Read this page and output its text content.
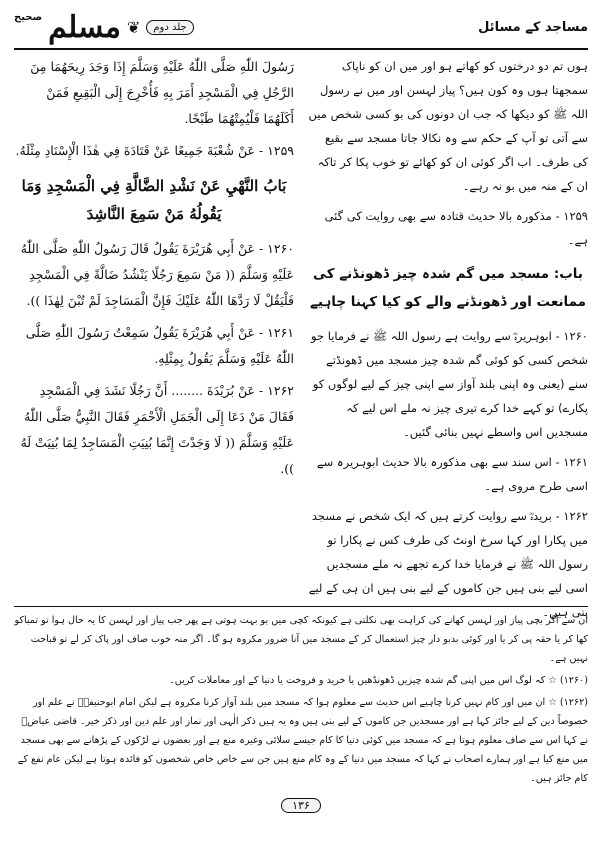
صحیح مسلم ❦	جلد دوم	مساجد کے مسائل

رَسُولَ اللّٰهِ صَلَّى اللّٰهُ عَلَيْهِ وَسَلَّمَ إِذَا وَجَدَ رِيحَهُمَا مِنَ الرَّجُلِ فِي الْمَسْجِدِ أَمَرَ بِهِ فَأُخْرِجَ إِلَى الْبَقِيعِ فَمَنْ أَكَلَهُمَا فَلْيُمِتْهُمَا طَبْخًا.

۱۲۵۹ - عَنْ شُعْبَةَ جَمِيعًا عَنْ قَتَادَةَ فِي هٰذَا الْإِسْنَادِ مِثْلَهُ.

بَابُ النَّهْيِ عَنْ نَشْدِ الضَّالَّةِ فِي الْمَسْجِدِ وَمَا يَقُولُهُ مَنْ سَمِعَ النَّاشِدَ

۱۲۶۰ - عَنْ أَبِي هُرَيْرَةَ يَقُولُ قَالَ رَسُولُ اللّٰهِ صَلَّى اللّٰهُ عَلَيْهِ وَسَلَّمَ (( مَنْ سَمِعَ رَجُلًا يَنْشُدُ ضَالَّةً فِي الْمَسْجِدِ فَلْيَقُلْ لَا رَدَّهَا اللّٰهُ عَلَيْكَ فَإِنَّ الْمَسَاجِدَ لَمْ تُبْنَ لِهٰذَا )).

۱۲۶۱ - عَنْ أَبِي هُرَيْرَةَ يَقُولُ سَمِعْتُ رَسُولَ اللّٰهِ صَلَّى اللّٰهُ عَلَيْهِ وَسَلَّمَ يَقُولُ بِمِثْلِهِ.

۱۲۶۲ - عَنْ بُرَيْدَةَ ........ أَنَّ رَجُلًا نَشَدَ فِي الْمَسْجِدِ فَقَالَ مَنْ دَعَا إِلَى الْجَمَلِ الْأَحْمَرِ فَقَالَ النَّبِيُّ صَلَّى اللّٰهُ عَلَيْهِ وَسَلَّمَ (( لَا وَجَدْتَ إِنَّمَا بُنِيَتِ الْمَسَاجِدُ لِمَا بُنِيَتْ لَهُ )).

ہوں تم دو درختوں کو کھاتے ہو اور میں ان کو ناپاک سمجھتا ہوں وہ کون ہیں؟ پیاز لہسن اور میں نے رسول اللہ ﷺ کو دیکھا کہ جب ان دونوں کی بو کسی شخص میں سے آتی تو آپ کے حکم سے وہ نکالا جاتا مسجد سے بقیع کی طرف۔ اب اگر کوئی ان کو کھائے تو خوب پکا کر تاکہ ان کے منہ میں بو نہ رہے۔

۱۲۵۹ - مذکورہ بالا حدیث قتادہ سے بھی روایت کی گئی ہے۔

باب: مسجد میں گم شدہ چیز ڈھونڈنے کی ممانعت اور ڈھونڈنے والے کو کیا کہنا چاہیے

۱۲۶۰ - ابوہریرہؓ سے روایت ہے رسول اللہ ﷺ نے فرمایا جو شخص کسی کو کوئی گم شدہ چیز مسجد میں ڈھونڈتے سنے (یعنی وہ اپنی بلند آواز سے اپنی چیز کے لیے لوگوں کو پکارے) تو کہے خدا کرے تیری چیز نہ ملے اس لیے کہ مسجدیں اس واسطے نہیں بنائی گئیں۔

۱۲۶۱ - اس سند سے بھی مذکورہ بالا حدیث ابوہریرہ سے اسی طرح مروی ہے۔

۱۲۶۲ - بریدہؓ سے روایت کرتے ہیں کہ ایک شخص نے مسجد میں پکارا اور کہا سرخ اونٹ کی طرف کس نے پکارا تو رسول اللہ ﷺ نے فرمایا خدا کرے تجھے نہ ملے مسجدیں اسی لیے بنی ہیں جن کاموں کے لیے بنی ہیں ان ہی کے لیے بنی ہیں۔

ان سے اگر بچی پیاز اور لہسن کھانے کی کراہت بھی نکلتی ہے کیونکہ کچی میں بو بہت ہوتی ہے پھر جب پیاز اور لہسن کا یہ حال ہوا تو تمباکو کھا کر یا حقہ پی کر یا اور کوئی بدبو دار چیز استعمال کر کے مسجد میں آنا ضرور مکروہ ہو گا۔ اگر منہ خوب صاف اور پاک کر لے تو قباحت نہیں ہے۔

(۱۲۶۰) ☆ کہ لوگ اس میں اپنی گم شدہ چیزیں ڈھونڈھیں یا خرید و فروخت یا دنیا کے اور معاملات کریں۔

(۱۲۶۲) ☆ ان میں اور کام نہیں کرنا چاہیے اس حدیث سے معلوم ہوا کہ مسجد میں بلند آواز کرنا مکروہ ہے لیکن امام ابوحنیفہؒ نے علم اور خصوصاً دین کے لیے جائز کہا ہے اور مسجدیں جن کاموں کے لیے بنی ہیں وہ یہ ہیں ذکر الٰہی اور نماز اور علم دین اور ذکر خیر۔ قاضی عیاضؒ نے کہا اس سے صاف معلوم ہوتا ہے کہ مسجد میں کوئی دنیا کا کام جیسے سلائی وغیرہ منع ہے اور بعضوں نے لڑکوں کے پڑھانے سے بھی مسجد میں منع کیا ہے اور ہمارے اصحاب نے کہا کہ مسجد میں دنیا کے وہ کام منع ہیں جن سے خاص خاص شخصوں کو فائدہ ہوتا ہے لیکن عام نفع کے کام جائز ہیں۔

۱۳۶
